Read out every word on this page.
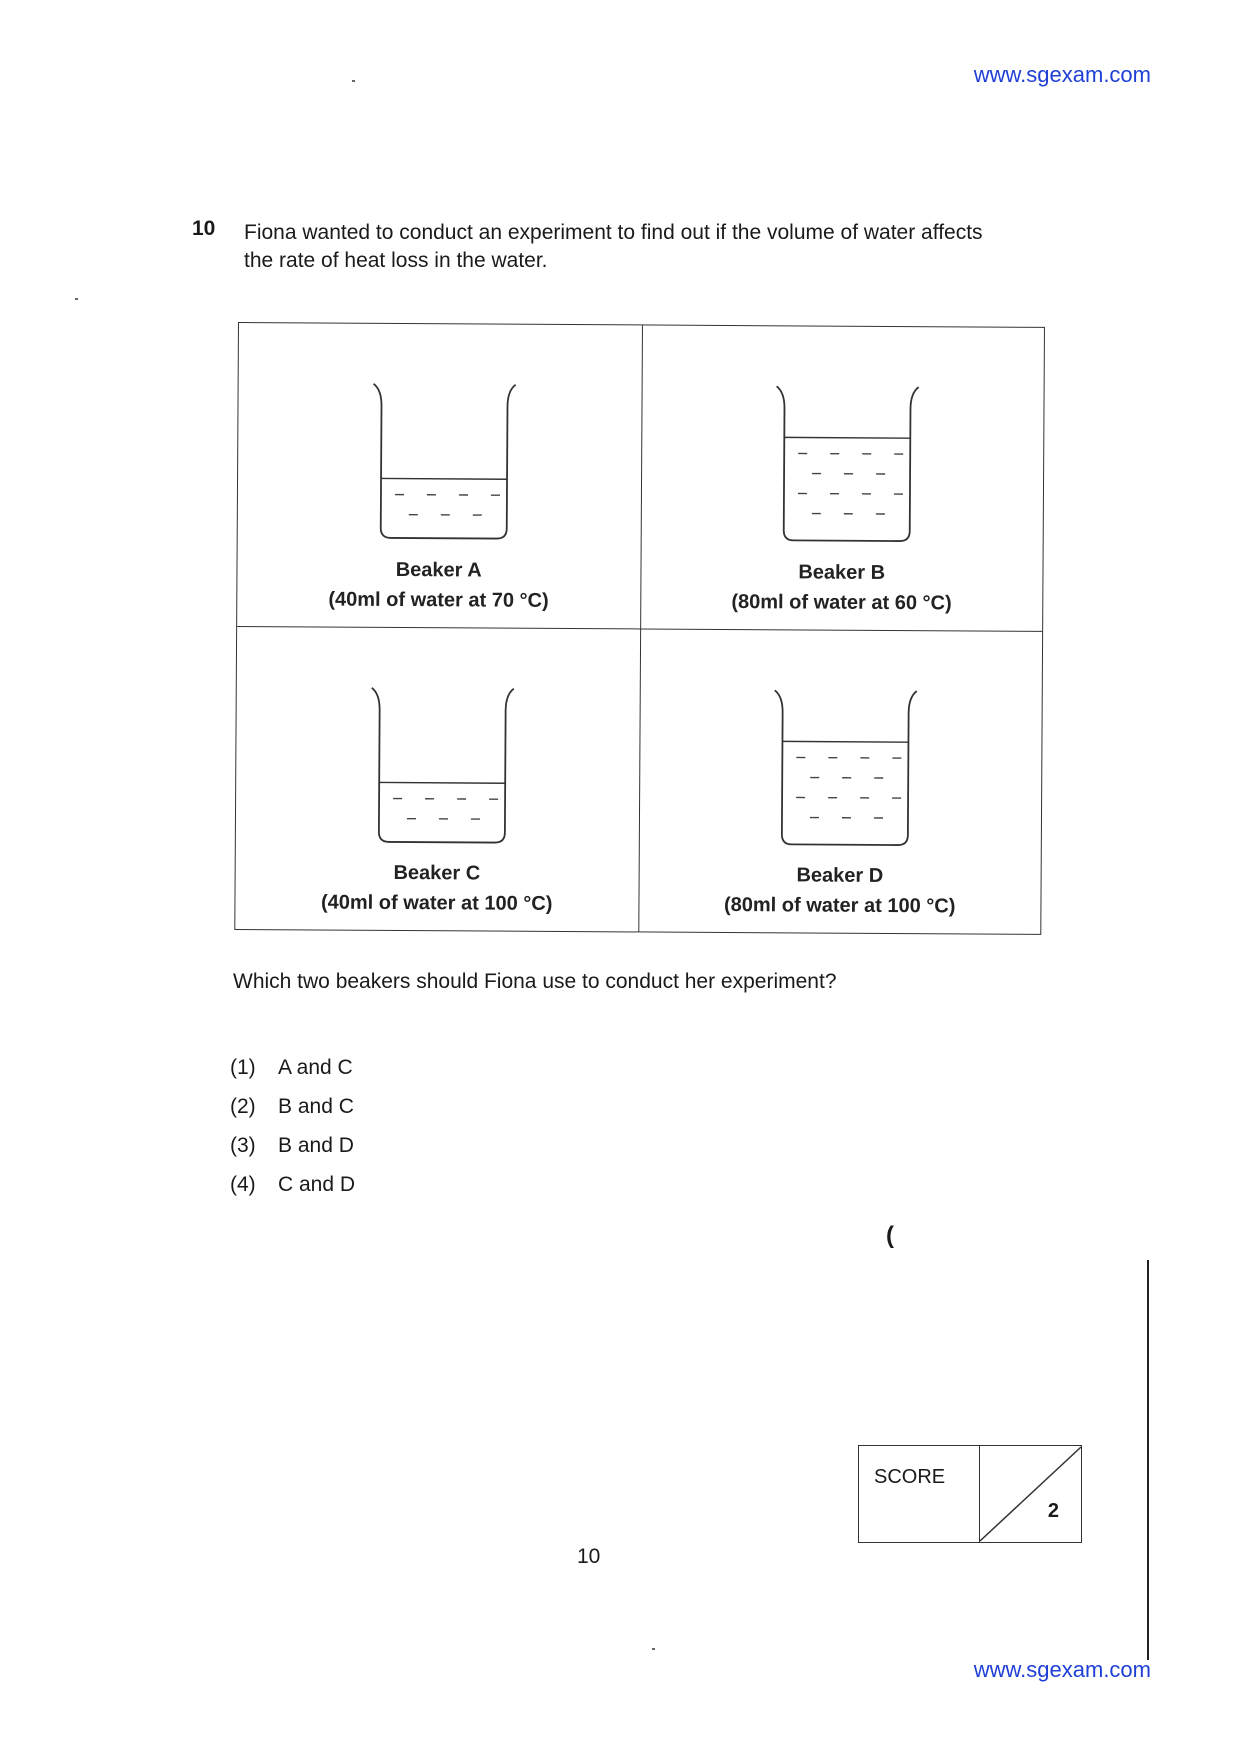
www.sgexam.com
10 Fiona wanted to conduct an experiment to find out if the volume of water affects
the rate of heat loss in the water.
Beaker A
(40ml of water at 70 °C)
Beaker B
(80ml of water at 60 °C)
Beaker C
(40ml of water at 100 °C)
Beaker D
(80ml of water at 100 °C)
Which two beakers should Fiona use to conduct her experiment?
(1)	A and C
(2)	B and C
(3)	B and D
(4)	C and D
(
SCORE
2
10
www.sgexam.com
